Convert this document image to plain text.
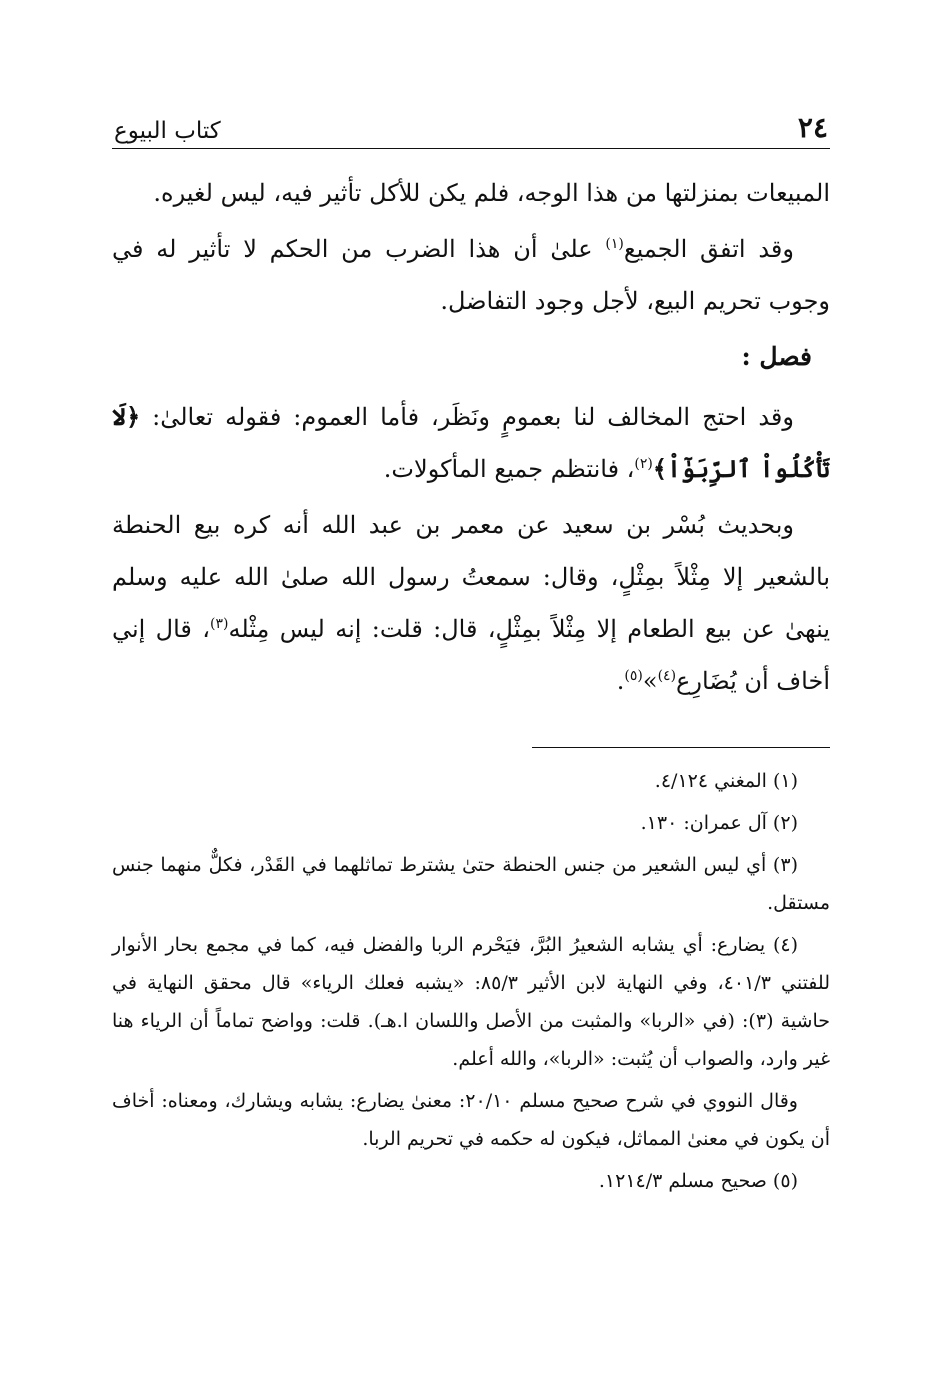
٢٤
كتاب البيوع

المبيعات بمنزلتها من هذا الوجه، فلم يكن للأكل تأثير فيه، ليس لغيره.

وقد اتفق الجميع$^{(١)}$ علىٰ أن هذا الضرب من الحكم لا تأثير له في وجوب تحريم البيع، لأجل وجود التفاضل.

فصل :

وقد احتج المخالف لنا بعمومٍ ونَظَر، فأما العموم: فقوله تعالىٰ: ﴿لَا تَأْكُلُواْ ٱلرِّبَوٰٓاْ﴾$^{(٢)}$، فانتظم جميع المأكولات.

وبحديث بُسْر بن سعيد عن معمر بن عبد الله أنه كره بيع الحنطة بالشعير إلا مِثْلاً بمِثْلٍ، وقال: سمعتُ رسول الله صلىٰ الله عليه وسلم ينهىٰ عن بيع الطعام إلا مِثْلاً بمِثْلٍ، قال: قلت: إنه ليس مِثْله$^{(٣)}$، قال إني أخاف أن يُضَارِع$^{(٤)}$»$^{(٥)}$.

(١) المغني ٤/١٢٤.

(٢) آل عمران: ١٣٠.

(٣) أي ليس الشعير من جنس الحنطة حتىٰ يشترط تماثلهما في القَدْر، فكلٌّ منهما جنس مستقل.

(٤) يضارع: أي يشابه الشعيرُ البُرَّ، فيَحْرم الربا والفضل فيه، كما في مجمع بحار الأنوار للفتني ٤٠١/٣، وفي النهاية لابن الأثير ٨٥/٣: «يشبه فعلك الرياء» قال محقق النهاية في حاشية (٣): (في «الربا» والمثبت من الأصل واللسان ا.هـ). قلت: وواضح تماماً أن الرياء هنا غير وارد، والصواب أن يُثبت: «الربا»، والله أعلم.

وقال النووي في شرح صحيح مسلم ٢٠/١٠: معنىٰ يضارع: يشابه ويشارك، ومعناه: أخاف أن يكون في معنىٰ المماثل، فيكون له حكمه في تحريم الربا.

(٥) صحيح مسلم ١٢١٤/٣.
